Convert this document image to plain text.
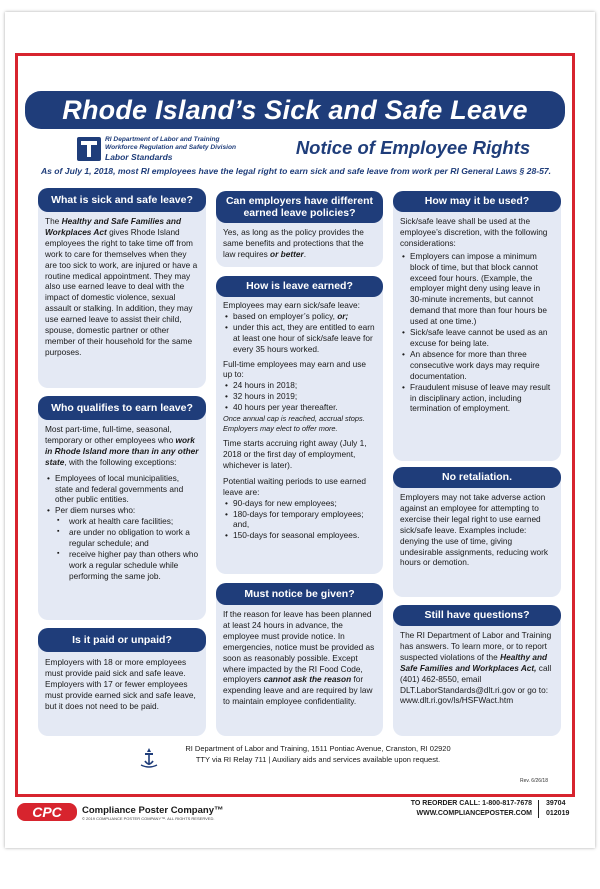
Rhode Island’s Sick and Safe Leave
RI Department of Labor and Training
Workforce Regulation and Safety Division
Labor Standards	Notice of Employee Rights
As of July 1, 2018, most RI employees have the legal right to earn sick and safe leave from work per RI General Laws § 28-57.
What is sick and safe leave?

The Healthy and Safe Families and Workplaces Act gives Rhode Island employees the right to take time off from work to care for themselves when they are too sick to work, are injured or have a routine medical appointment. They may also use earned leave to deal with the impact of domestic violence, sexual assault or stalking. In addition, they may use earned leave to assist their child, spouse, domestic partner or other member of their household for the same purposes.

Who qualifies to earn leave?

Most part-time, full-time, seasonal, temporary or other employees who work in Rhode Island more than in any other state, with the following exceptions:

• Employees of local municipalities, state and federal governments and other public entities.
• Per diem nurses who:
▪ work at health care facilities;
▪ are under no obligation to work a regular schedule; and
▪ receive higher pay than others who work a regular schedule while performing the same job.
Is it paid or unpaid?

Employers with 18 or more employees must provide paid sick and safe leave. Employers with 17 or fewer employees must provide earned sick and safe leave, but it does not need to be paid.

Can employers have different
earned leave policies?

Yes, as long as the policy provides the same benefits and protections that the law requires or better.

How is leave earned?

Employees may earn sick/safe leave:

• based on employer’s policy, or;
• under this act, they are entitled to earn at least one hour of sick/safe leave for every 35 hours worked.

Full-time employees may earn and use up to:

• 24 hours in 2018;
• 32 hours in 2019;
• 40 hours per year thereafter.
Once annual cap is reached, accrual stops. Employers may elect to offer more.

Time starts accruing right away (July 1, 2018 or the first day of employment, whichever is later).

Potential waiting periods to use earned leave are:

• 90-days for new employees;
• 180-days for temporary employees; and,
• 150-days for seasonal employees.
Must notice be given?

If the reason for leave has been planned at least 24 hours in advance, the employee must provide notice. In emergencies, notice must be provided as soon as reasonably possible. Except where impacted by the RI Food Code, employers cannot ask the reason for expending leave and are required by law to maintain employee confidentiality.

How may it be used?

Sick/safe leave shall be used at the employee’s discretion, with the following considerations:

• Employers can impose a minimum block of time, but that block cannot exceed four hours. (Example, the employer might deny using leave in 30-minute increments, but cannot demand that more than four hours be used at one time.)
• Sick/safe leave cannot be used as an excuse for being late.
• An absence for more than three consecutive work days may require documentation.
• Fraudulent misuse of leave may result in disciplinary action, including termination of employment.
No retaliation.

Employers may not take adverse action against an employee for attempting to exercise their legal right to use earned sick/safe leave. Examples include: denying the use of time, giving undesirable assignments, reducing work hours or demotion.

Still have questions?

The RI Department of Labor and Training has answers. To learn more, or to report suspected violations of the Healthy and Safe Families and Workplaces Act, call (401) 462-8550, email DLT.LaborStandards@dlt.ri.gov or go to:

www.dlt.ri.gov/ls/HSFWact.htm

RI Department of Labor and Training, 1511 Pontiac Avenue, Cranston, RI 02920
TTY via RI Relay 711 | Auxiliary aids and services available upon request.
Rev. 6/26/18
CPC Compliance Poster Company™
© 2019 COMPLIANCE POSTER COMPANY™. ALL RIGHTS RESERVED.
TO REORDER CALL: 1-800-817-7678
WWW.COMPLIANCEPOSTER.COM
39704
012019
